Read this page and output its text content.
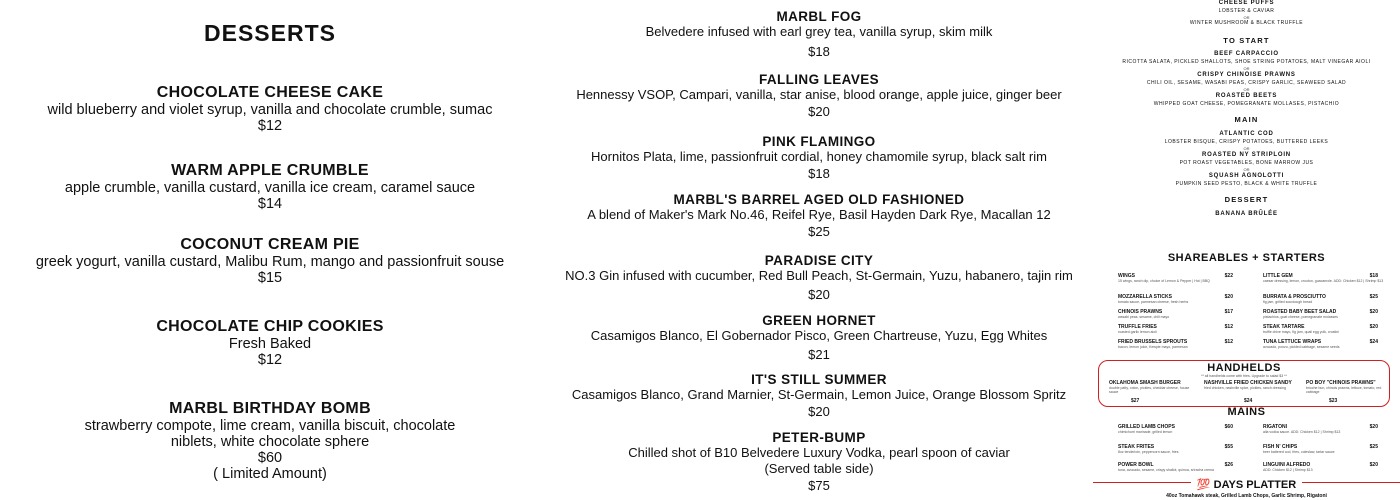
DESSERTS
CHOCOLATE CHEESE CAKE
wild blueberry and violet syrup, vanilla and chocolate crumble, sumac
$12
WARM APPLE CRUMBLE
apple crumble, vanilla custard, vanilla ice cream, caramel sauce
$14
COCONUT CREAM PIE
greek yogurt, vanilla custard, Malibu Rum, mango and passionfruit souse
$15
CHOCOLATE CHIP COOKIES
Fresh Baked
$12
MARBL BIRTHDAY BOMB
strawberry compote, lime cream, vanilla biscuit, chocolate niblets, white chocolate sphere
$60
( Limited Amount)
MARBL FOG
Belvedere infused with earl grey tea, vanilla syrup, skim milk
$18
FALLING LEAVES
Hennessy VSOP, Campari, vanilla, star anise, blood orange, apple juice, ginger beer
$20
PINK FLAMINGO
Hornitos Plata, lime, passionfruit cordial, honey chamomile syrup, black salt rim
$18
MARBL'S BARREL AGED OLD FASHIONED
A blend of Maker's Mark No.46, Reifel Rye, Basil Hayden Dark Rye, Macallan 12
$25
PARADISE CITY
NO.3 Gin infused with cucumber, Red Bull Peach, St-Germain, Yuzu, habanero, tajin rim
$20
GREEN HORNET
Casamigos Blanco, El Gobernador Pisco, Green Chartreuse, Yuzu, Egg Whites
$21
IT'S STILL SUMMER
Casamigos Blanco, Grand Marnier, St-Germain, Lemon Juice, Orange Blossom Spritz
$20
PETER-BUMP
Chilled shot of B10 Belvedere Luxury Vodka, pearl spoon of caviar
(Served table side)
$75
CHEESE PUFFS
LOBSTER & CAVIAR
OR
WINTER MUSHROOM & BLACK TRUFFLE
TO START
BEEF CARPACCIO
RICOTTA SALATA, PICKLED SHALLOTS, SHOE STRING POTATOES, MALT VINEGAR AIOLI
OR
CRISPY CHINOISE PRAWNS
CHILI OIL, SESAME, WASABI PEAS, CRISPY GARLIC, SEAWEED SALAD
OR
ROASTED BEETS
WHIPPED GOAT CHEESE, POMEGRANATE MOLLASES, PISTACHIO
MAIN
ATLANTIC COD
LOBSTER BISQUE, CRISPY POTATOES, BUTTERED LEEKS
OR
ROASTED NY STRIPLOIN
POT ROAST VEGETABLES, BONE MARROW JUS
OR
SQUASH AGNOLOTTI
PUMPKIN SEED PESTO, BLACK & WHITE TRUFFLE
DESSERT
BANANA BRÛLÉE
SHAREABLES + STARTERS
WINGS	$22
15 wings, ranch dip, choice of Lemon & Pepper | Hot | BBQ
MOZZARELLA STICKS	$20
tomato sauce, parmesan cheese, fresh herbs
CHINOIS PRAWNS	$17
wasabi peas, sesame, chili mayo
TRUFFLE FRIES	$12
roasted garlic lemon aioli
FRIED BRUSSELS SPROUTS	$12
bacon, lemon juice, Kewpie mayo, parmesan
LITTLE GEM	$18
caesar dressing, lemon, crouton, guacamole. ADD: Chicken $12 | Shrimp $13
BURRATA & PROSCIUTTO	$25
fig jam, grilled sourdough bread
ROASTED BABY BEET SALAD	$20
pistachios, goat cheese, pomegranate molasses
STEAK TARTARE	$20
truffle chive mayo, fig jam, quail egg yolk, crostini
TUNA LETTUCE WRAPS	$24
avocado, ponzu, pickled cabbage, sesame seeds
HANDHELDS
** all handhelds come with fries. Upgrade to salad $3 **
OKLAHOMA SMASH BURGER
double patty, onion, pickles, cheddar cheese, house sauce
$27
NASHVILLE FRIED CHICKEN SANDY
fried chicken, nashville spice, pickles, ranch dressing
$24
PO BOY "CHINOIS PRAWNS"
brioche bun, chinois prawns, lettuce, tomato, red cabbage
$23
MAINS
GRILLED LAMB CHOPS	$60
chimichurri marinade, grilled lemon
STEAK FRITES	$55
8oz tenderloin, peppercorn sauce, fries
POWER BOWL	$26
tuna, avocado, sesame, crispy shallot, quinoa, sriracha crema
RIGATONI	$20
alla vodka sauce. ADD: Chicken $12 | Shrimp $13
FISH N' CHIPS	$25
beer battered cod, fries, coleslaw, tartar sauce
LINGUINI ALFREDO	$20
ADD: Chicken $12 | Shrimp $13
💯 DAYS PLATTER
40oz Tomahawk steak, Grilled Lamb Chops, Garlic Shrimp, Rigatoni
